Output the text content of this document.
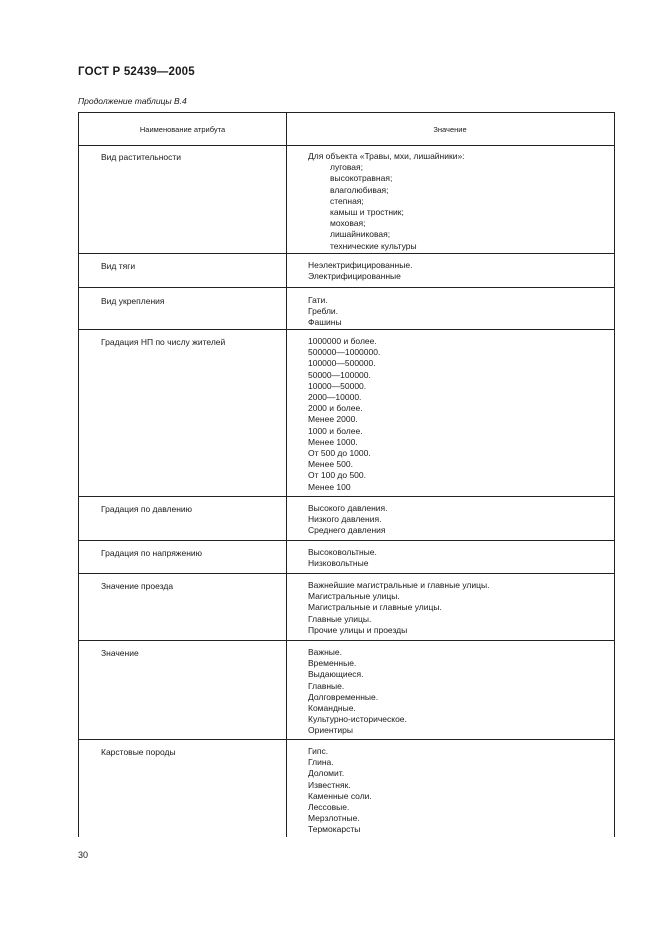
ГОСТ Р 52439—2005
Продолжение таблицы В.4
Наименование атрибута	Значение
Вид растительности	Для объекта «Травы, мхи, лишайники»:
луговая;
высокотравная;
влаголюбивая;
степная;
камыш и тростник;
моховая;
лишайниковая;
технические культуры
Вид тяги	Неэлектрифицированные.
Электрифицированные
Вид укрепления	Гати.
Гребли.
Фашины
Градация НП по числу жителей	1000000 и более.
500000—1000000.
100000—500000.
50000—100000.
10000—50000.
2000—10000.
2000 и более.
Менее 2000.
1000 и более.
Менее 1000.
От 500 до 1000.
Менее 500.
От 100 до 500.
Менее 100
Градация по давлению	Высокого давления.
Низкого давления.
Среднего давления
Градация по напряжению	Высоковольтные.
Низковольтные
Значение проезда	Важнейшие магистральные и главные улицы.
Магистральные улицы.
Магистральные и главные улицы.
Главные улицы.
Прочие улицы и проезды
Значение	Важные.
Временные.
Выдающиеся.
Главные.
Долговременные.
Командные.
Культурно-историческое.
Ориентиры
Карстовые породы	Гипс.
Глина.
Доломит.
Известняк.
Каменные соли.
Лессовые.
Мерзлотные.
Термокарсты
30
